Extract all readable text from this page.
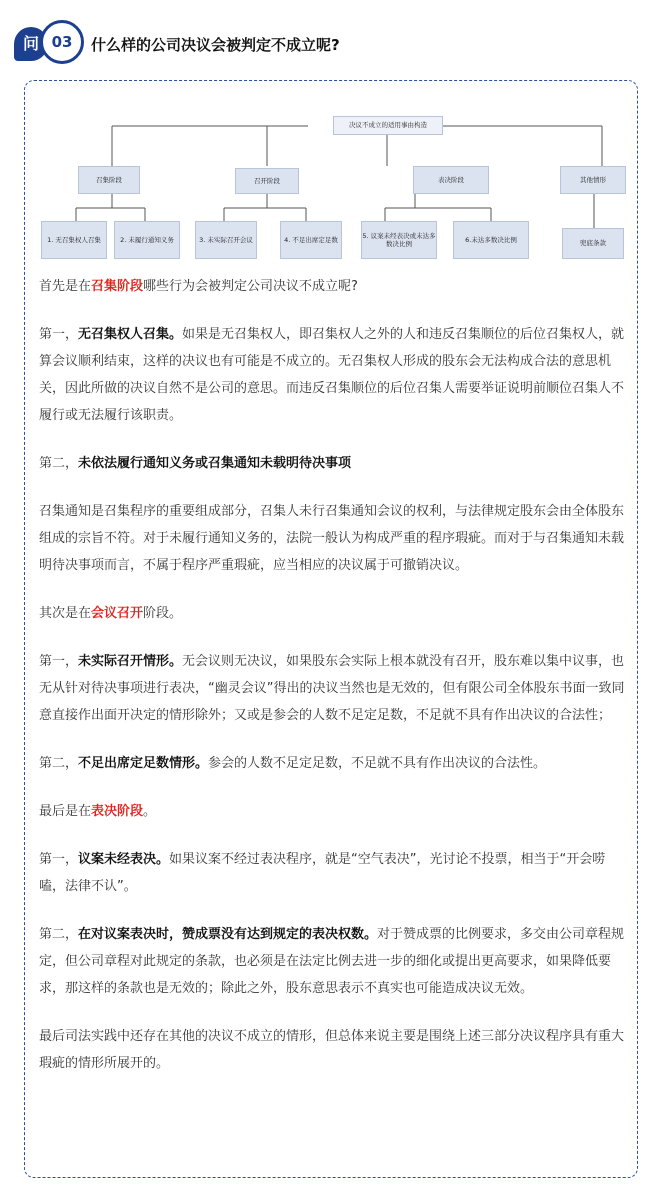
问 03	什么样的公司决议会被判定不成立呢?
决议不成立的适用事由构造
召集阶段	召开阶段	表决阶段	其他情形
1. 无召集权人召集	2. 未履行通知义务	3. 未实际召开会议	4. 不足出席定足数
5. 议案未经表决或未达多数决比例
6.未达多数决比例	兜底条款

首先是在召集阶段哪些行为会被判定公司决议不成立呢?

第一，无召集权人召集。如果是无召集权人，即召集权人之外的人和违反召集顺位的后位召集权人，就算会议顺利结束，这样的决议也有可能是不成立的。无召集权人形成的股东会无法构成合法的意思机关，因此所做的决议自然不是公司的意思。而违反召集顺位的后位召集人需要举证说明前顺位召集人不履行或无法履行该职责。

第二，未依法履行通知义务或召集通知未载明待决事项

召集通知是召集程序的重要组成部分，召集人未行召集通知会议的权利，与法律规定股东会由全体股东组成的宗旨不符。对于未履行通知义务的，法院一般认为构成严重的程序瑕疵。而对于与召集通知未载明待决事项而言，不属于程序严重瑕疵，应当相应的决议属于可撤销决议。

其次是在会议召开阶段。

第一，未实际召开情形。无会议则无决议，如果股东会实际上根本就没有召开，股东难以集中议事，也无从针对待决事项进行表决，“幽灵会议”得出的决议当然也是无效的，但有限公司全体股东书面一致同意直接作出面开决定的情形除外；又或是参会的人数不足定足数，不足就不具有作出决议的合法性；

第二，不足出席定足数情形。参会的人数不足定足数，不足就不具有作出决议的合法性。

最后是在表决阶段。

第一，议案未经表决。如果议案不经过表决程序，就是“空气表决”，光讨论不投票，相当于“开会唠嗑，法律不认”。

第二，在对议案表决时，赞成票没有达到规定的表决权数。对于赞成票的比例要求，多交由公司章程规定，但公司章程对此规定的条款，也必须是在法定比例去进一步的细化或提出更高要求，如果降低要求，那这样的条款也是无效的；除此之外，股东意思表示不真实也可能造成决议无效。

最后司法实践中还存在其他的决议不成立的情形，但总体来说主要是围绕上述三部分决议程序具有重大瑕疵的情形所展开的。
